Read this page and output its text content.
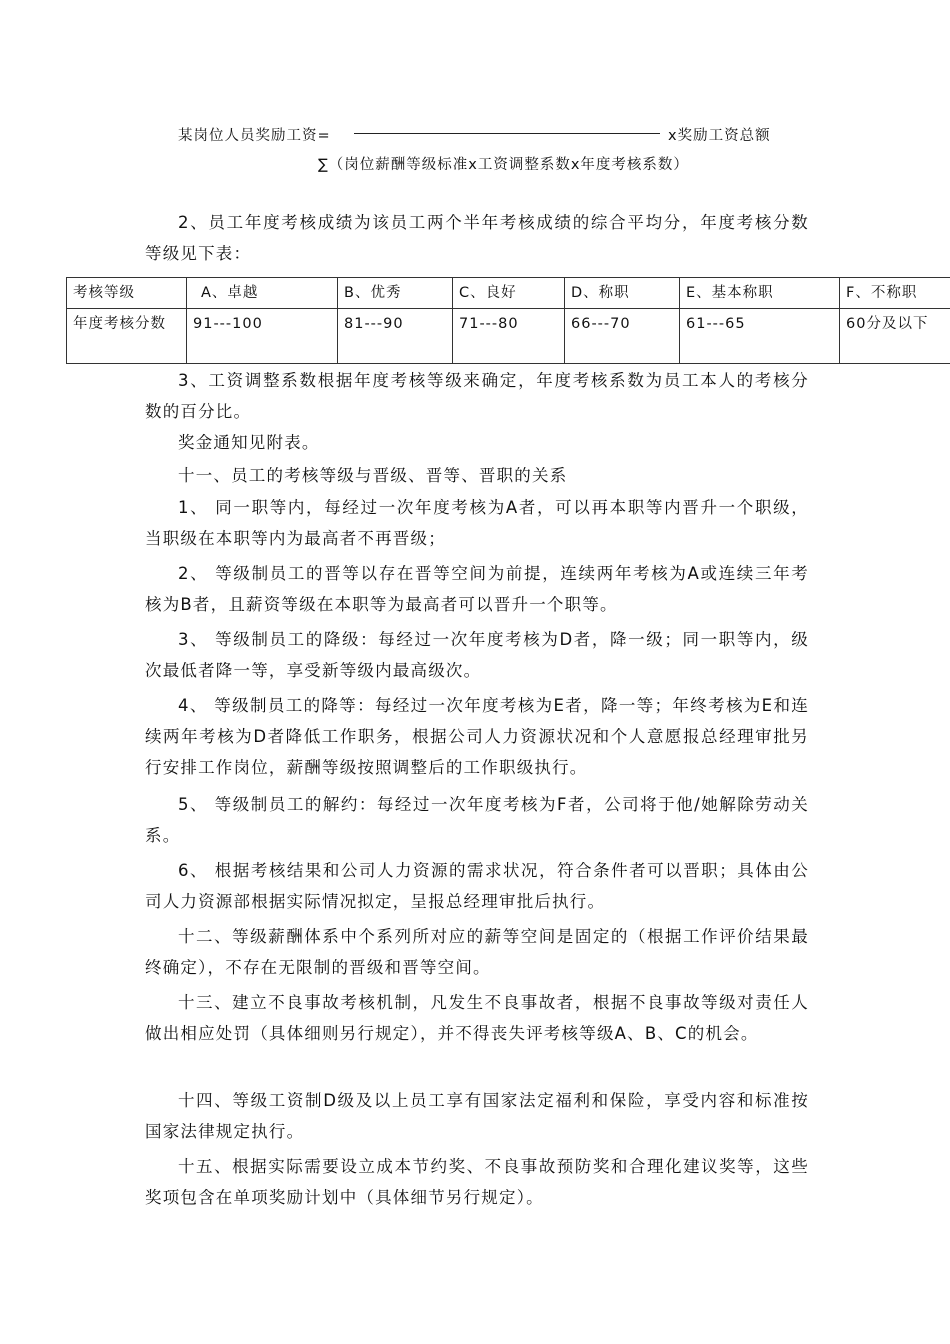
某岗位人员奖励工资=	x奖励工资总额
∑（岗位薪酬等级标准x工资调整系数x年度考核系数）

2、员工年度考核成绩为该员工两个半年考核成绩的综合平均分，年度考核分数等级见下表：

考核等级	A、卓越	B、优秀	C、良好	D、称职	E、基本称职	F、不称职
年度考核分数	91---100	81---90	71---80	66---70	61---65	60分及以下

3、工资调整系数根据年度考核等级来确定，年度考核系数为员工本人的考核分数的百分比。

奖金通知见附表。

十一、员工的考核等级与晋级、晋等、晋职的关系

1、 同一职等内，每经过一次年度考核为A者，可以再本职等内晋升一个职级，当职级在本职等内为最高者不再晋级；

2、 等级制员工的晋等以存在晋等空间为前提，连续两年考核为A或连续三年考核为B者，且薪资等级在本职等为最高者可以晋升一个职等。

3、 等级制员工的降级：每经过一次年度考核为D者，降一级；同一职等内，级次最低者降一等，享受新等级内最高级次。

4、 等级制员工的降等：每经过一次年度考核为E者，降一等；年终考核为E和连续两年考核为D者降低工作职务，根据公司人力资源状况和个人意愿报总经理审批另行安排工作岗位，薪酬等级按照调整后的工作职级执行。

5、 等级制员工的解约：每经过一次年度考核为F者，公司将于他/她解除劳动关系。

6、 根据考核结果和公司人力资源的需求状况，符合条件者可以晋职；具体由公司人力资源部根据实际情况拟定，呈报总经理审批后执行。

十二、等级薪酬体系中个系列所对应的薪等空间是固定的（根据工作评价结果最终确定），不存在无限制的晋级和晋等空间。

十三、建立不良事故考核机制，凡发生不良事故者，根据不良事故等级对责任人做出相应处罚（具体细则另行规定），并不得丧失评考核等级A、B、C的机会。

十四、等级工资制D级及以上员工享有国家法定福利和保险，享受内容和标准按国家法律规定执行。

十五、根据实际需要设立成本节约奖、不良事故预防奖和合理化建议奖等，这些奖项包含在单项奖励计划中（具体细节另行规定）。
